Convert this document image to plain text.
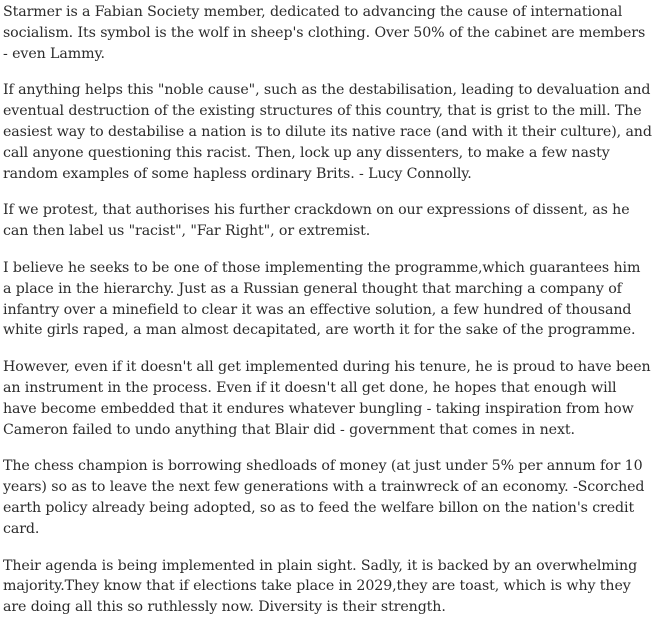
Starmer is a Fabian Society member, dedicated to advancing the cause of international socialism. Its symbol is the wolf in sheep's clothing. Over 50% of the cabinet are members - even Lammy.

If anything helps this "noble cause", such as the destabilisation, leading to devaluation and eventual destruction of the existing structures of this country, that is grist to the mill. The easiest way to destabilise a nation is to dilute its native race (and with it their culture), and call anyone questioning this racist. Then, lock up any dissenters, to make a few nasty random examples of some hapless ordinary Brits. - Lucy Connolly.

If we protest, that authorises his further crackdown on our expressions of dissent, as he can then label us "racist", "Far Right", or extremist.

I believe he seeks to be one of those implementing the programme,which guarantees him a place in the hierarchy. Just as a Russian general thought that marching a company of infantry over a minefield to clear it was an effective solution, a few hundred of thousand white girls raped, a man almost decapitated, are worth it for the sake of the programme.

However, even if it doesn't all get implemented during his tenure, he is proud to have been an instrument in the process. Even if it doesn't all get done, he hopes that enough will have become embedded that it endures whatever bungling - taking inspiration from how Cameron failed to undo anything that Blair did - government that comes in next.

The chess champion is borrowing shedloads of money (at just under 5% per annum for 10 years) so as to leave the next few generations with a trainwreck of an economy. -Scorched earth policy already being adopted, so as to feed the welfare billon on the nation's credit card.

Their agenda is being implemented in plain sight. Sadly, it is backed by an overwhelming majority.They know that if elections take place in 2029,they are toast, which is why they are doing all this so ruthlessly now. Diversity is their strength.
